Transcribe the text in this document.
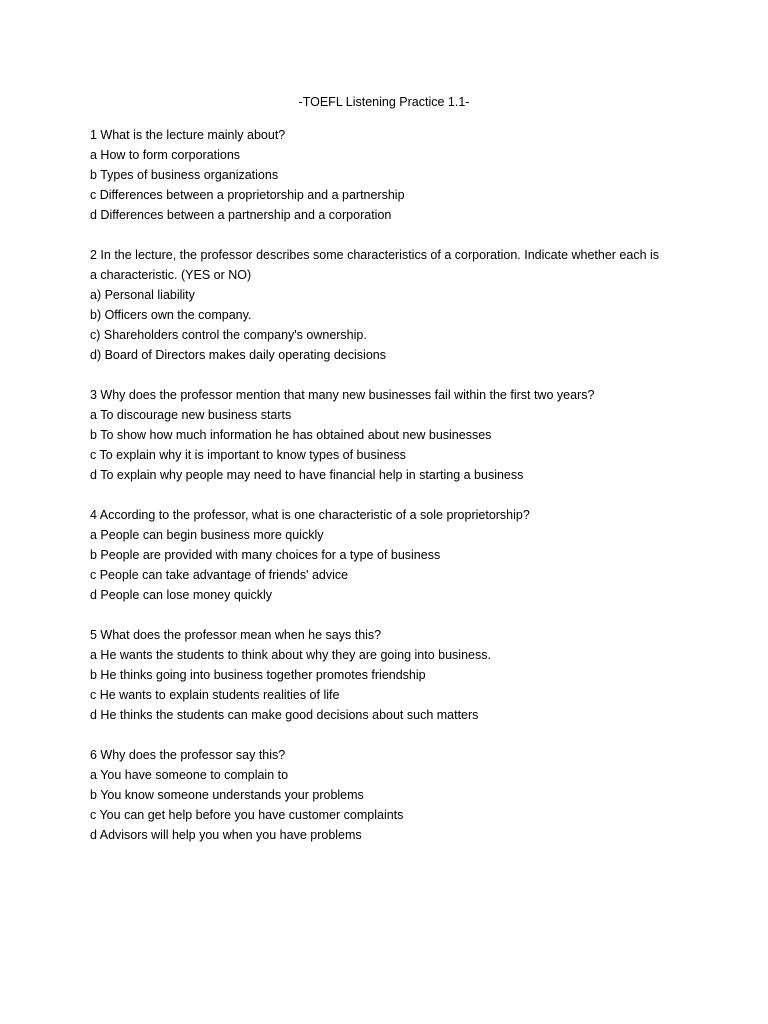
-TOEFL Listening Practice 1.1-
1 What is the lecture mainly about?
a How to form corporations
b Types of business organizations
c Differences between a proprietorship and a partnership
d Differences between a partnership and a corporation
2 In the lecture, the professor describes some characteristics of a corporation. Indicate whether each is
a characteristic. (YES or NO)
a) Personal liability
b) Officers own the company.
c) Shareholders control the company's ownership.
d) Board of Directors makes daily operating decisions
3 Why does the professor mention that many new businesses fail within the first two years?
a To discourage new business starts
b To show how much information he has obtained about new businesses
c To explain why it is important to know types of business
d To explain why people may need to have financial help in starting a business
4 According to the professor, what is one characteristic of a sole proprietorship?
a People can begin business more quickly
b People are provided with many choices for a type of business
c People can take advantage of friends' advice
d People can lose money quickly
5 What does the professor mean when he says this?
a He wants the students to think about why they are going into business.
b He thinks going into business together promotes friendship
c He wants to explain students realities of life
d He thinks the students can make good decisions about such matters
6 Why does the professor say this?
a You have someone to complain to
b You know someone understands your problems
c You can get help before you have customer complaints
d Advisors will help you when you have problems
